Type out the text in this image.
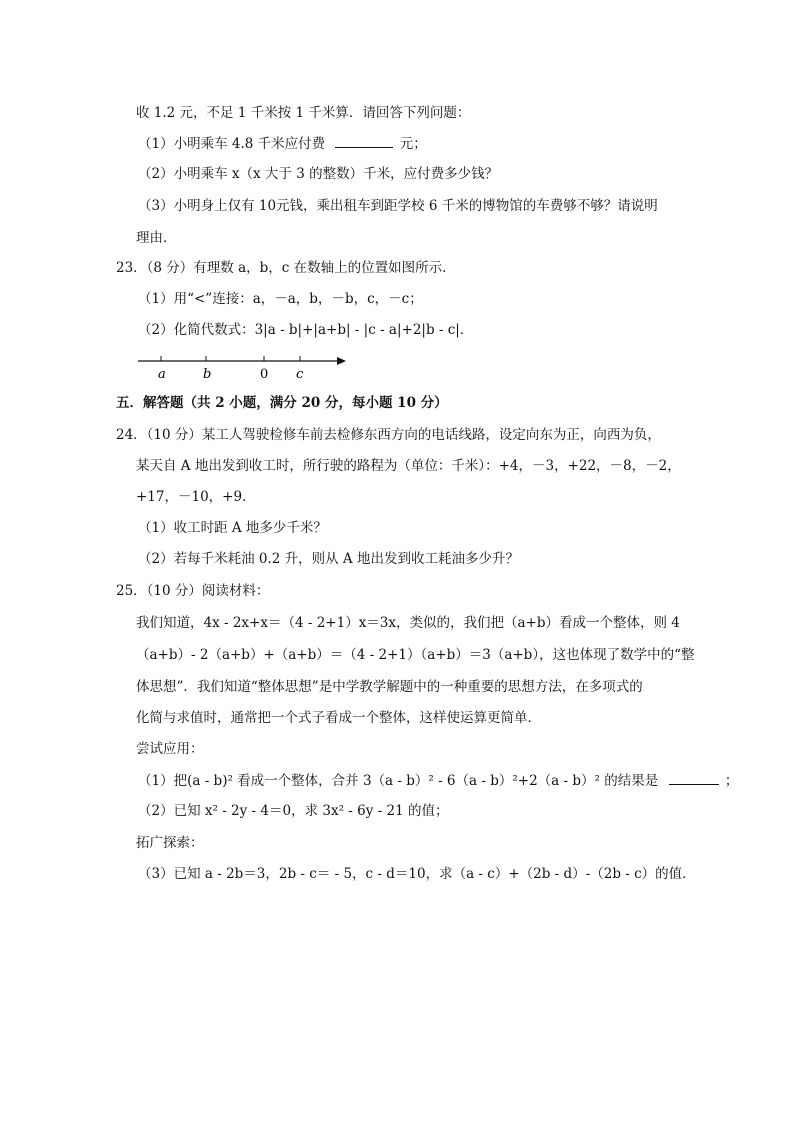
收 1.2 元，不足 1 千米按 1 千米算．请回答下列问题：
（1）小明乘车 4.8 千米应付费	元；
（2）小明乘车 x（x 大于 3 的整数）千米，应付费多少钱？
（3）小明身上仅有 10元钱，乘出租车到距学校 6 千米的博物馆的车费够不够？请说明
理由．
23．（8 分）有理数 a，b，c 在数轴上的位置如图所示．
（1）用“<”连接：a，－a，b，－b，c，－c；
（2）化简代数式：3|a - b|+|a+b| - |c - a|+2|b - c|．
a	b	0 c
五．解答题（共 2 小题，满分 20 分，每小题 10 分）
24．（10 分）某工人驾驶检修车前去检修东西方向的电话线路，设定向东为正，向西为负，
某天自 A 地出发到收工时，所行驶的路程为（单位：千米）：+4，－3，+22，－8，－2，
+17，－10，+9．
（1）收工时距 A 地多少千米？
（2）若每千米耗油 0.2 升，则从 A 地出发到收工耗油多少升？
25．（10 分）阅读材料：
我们知道，4x - 2x+x＝（4 - 2+1）x＝3x，类似的，我们把（a+b）看成一个整体，则 4
（a+b）- 2（a+b）+（a+b）＝（4 - 2+1）（a+b）＝3（a+b），这也体现了数学中的“整
体思想”．我们知道“整体思想”是中学教学解题中的一种重要的思想方法，在多项式的
化简与求值时，通常把一个式子看成一个整体，这样使运算更简单．
尝试应用：
（1）把(a - b)² 看成一个整体，合并 3（a - b）² - 6（a - b）²+2（a - b）² 的结果是	；
（2）已知 x² - 2y - 4＝0，求 3x² - 6y - 21 的值；
拓广探索：
（3）已知 a - 2b＝3，2b - c＝ - 5，c - d＝10，求（a - c）+（2b - d）-（2b - c）的值．
